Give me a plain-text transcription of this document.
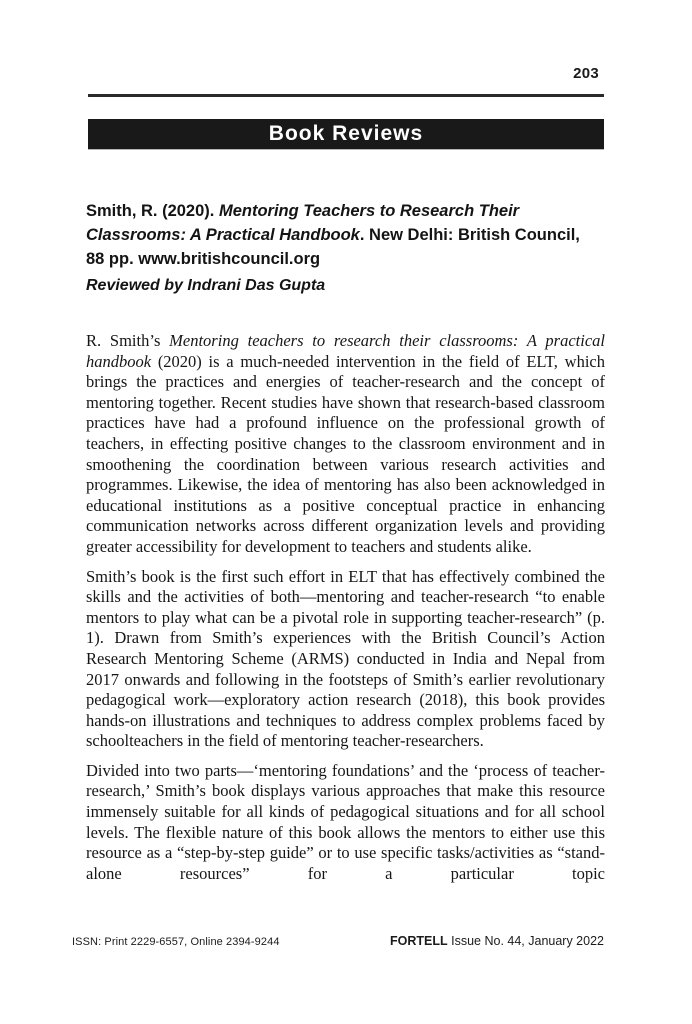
203
Book Reviews
Smith, R. (2020). Mentoring Teachers to Research Their Classrooms: A Practical Handbook. New Delhi: British Council, 88 pp. www.britishcouncil.org
Reviewed by Indrani Das Gupta

R. Smith’s Mentoring teachers to research their classrooms: A practical handbook (2020) is a much-needed intervention in the field of ELT, which brings the practices and energies of teacher-research and the concept of mentoring together. Recent studies have shown that research-based classroom practices have had a profound influence on the professional growth of teachers, in effecting positive changes to the classroom environment and in smoothening the coordination between various research activities and programmes. Likewise, the idea of mentoring has also been acknowledged in educational institutions as a positive conceptual practice in enhancing communication networks across different organization levels and providing greater accessibility for development to teachers and students alike.

Smith’s book is the first such effort in ELT that has effectively combined the skills and the activities of both—mentoring and teacher-research “to enable mentors to play what can be a pivotal role in supporting teacher-research” (p. 1). Drawn from Smith’s experiences with the British Council’s Action Research Mentoring Scheme (ARMS) conducted in India and Nepal from 2017 onwards and following in the footsteps of Smith’s earlier revolutionary pedagogical work—exploratory action research (2018), this book provides hands-on illustrations and techniques to address complex problems faced by schoolteachers in the field of mentoring teacher-researchers.

Divided into two parts—‘mentoring foundations’ and the ‘process of teacher-research,’ Smith’s book displays various approaches that make this resource immensely suitable for all kinds of pedagogical situations and for all school levels. The flexible nature of this book allows the mentors to either use this resource as a “step-by-step guide” or to use specific tasks/activities as “stand-alone resources” for a particular topic

ISSN: Print 2229-6557, Online 2394-9244	FORTELL Issue No. 44, January 2022
